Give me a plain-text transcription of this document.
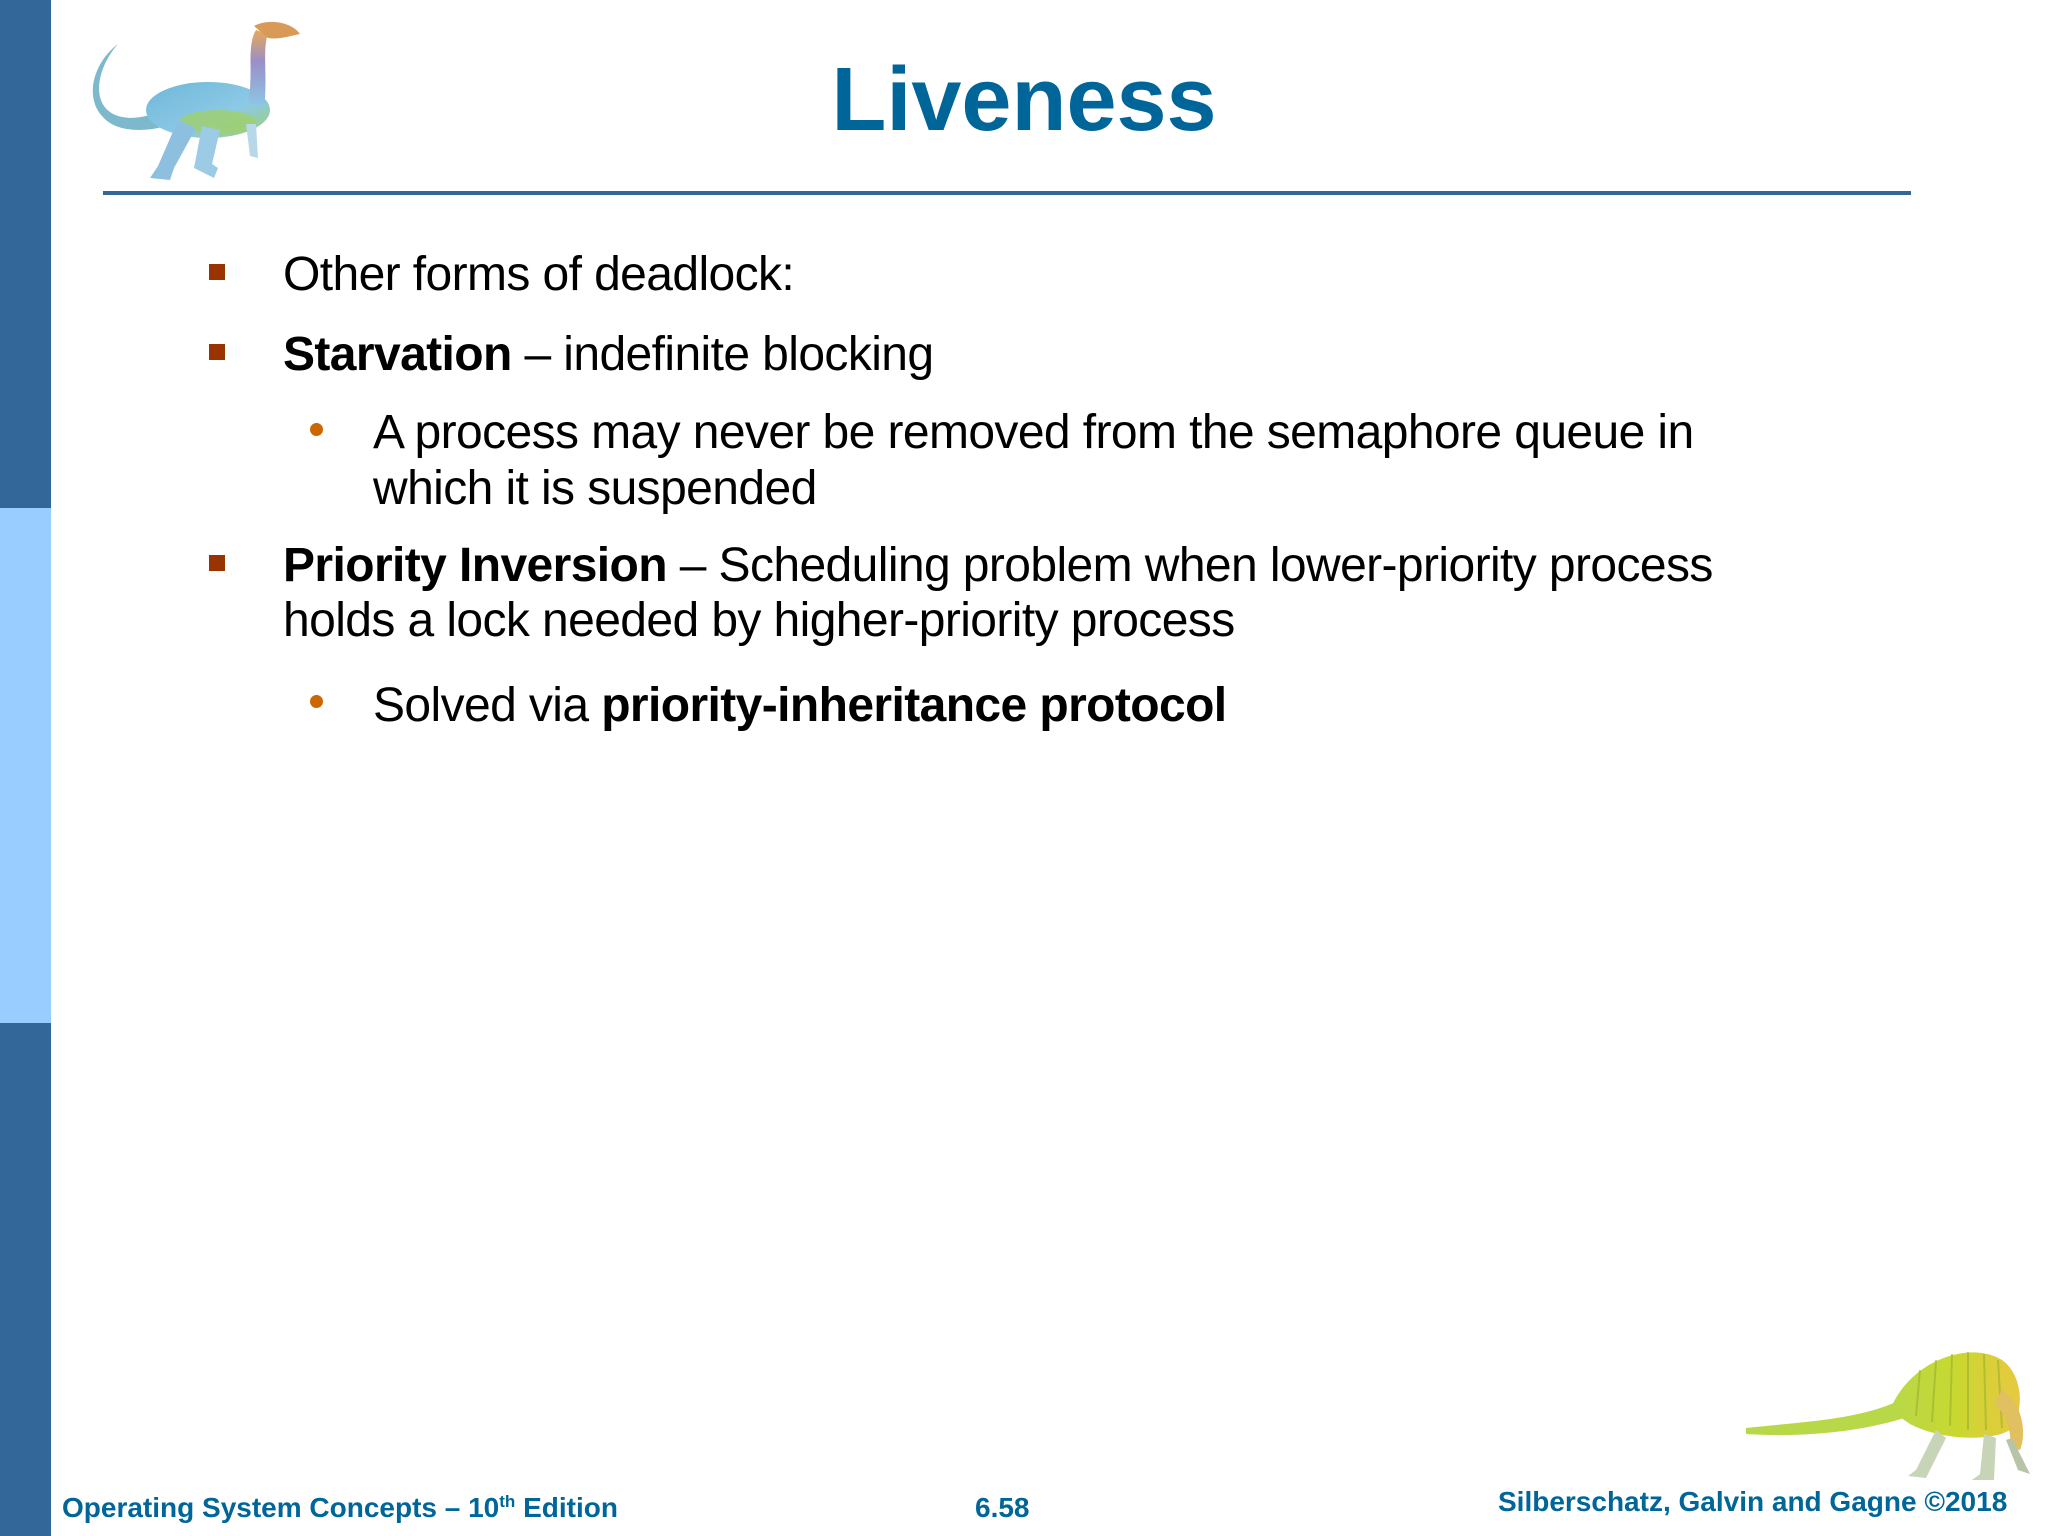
Liveness
Other forms of deadlock:
Starvation – indefinite blocking
A process may never be removed from the semaphore queue in
which it is suspended
Priority Inversion – Scheduling problem when lower-priority process
holds a lock needed by higher-priority process
Solved via priority-inheritance protocol
Operating System Concepts – 10th Edition	6.58	Silberschatz, Galvin and Gagne ©2018
